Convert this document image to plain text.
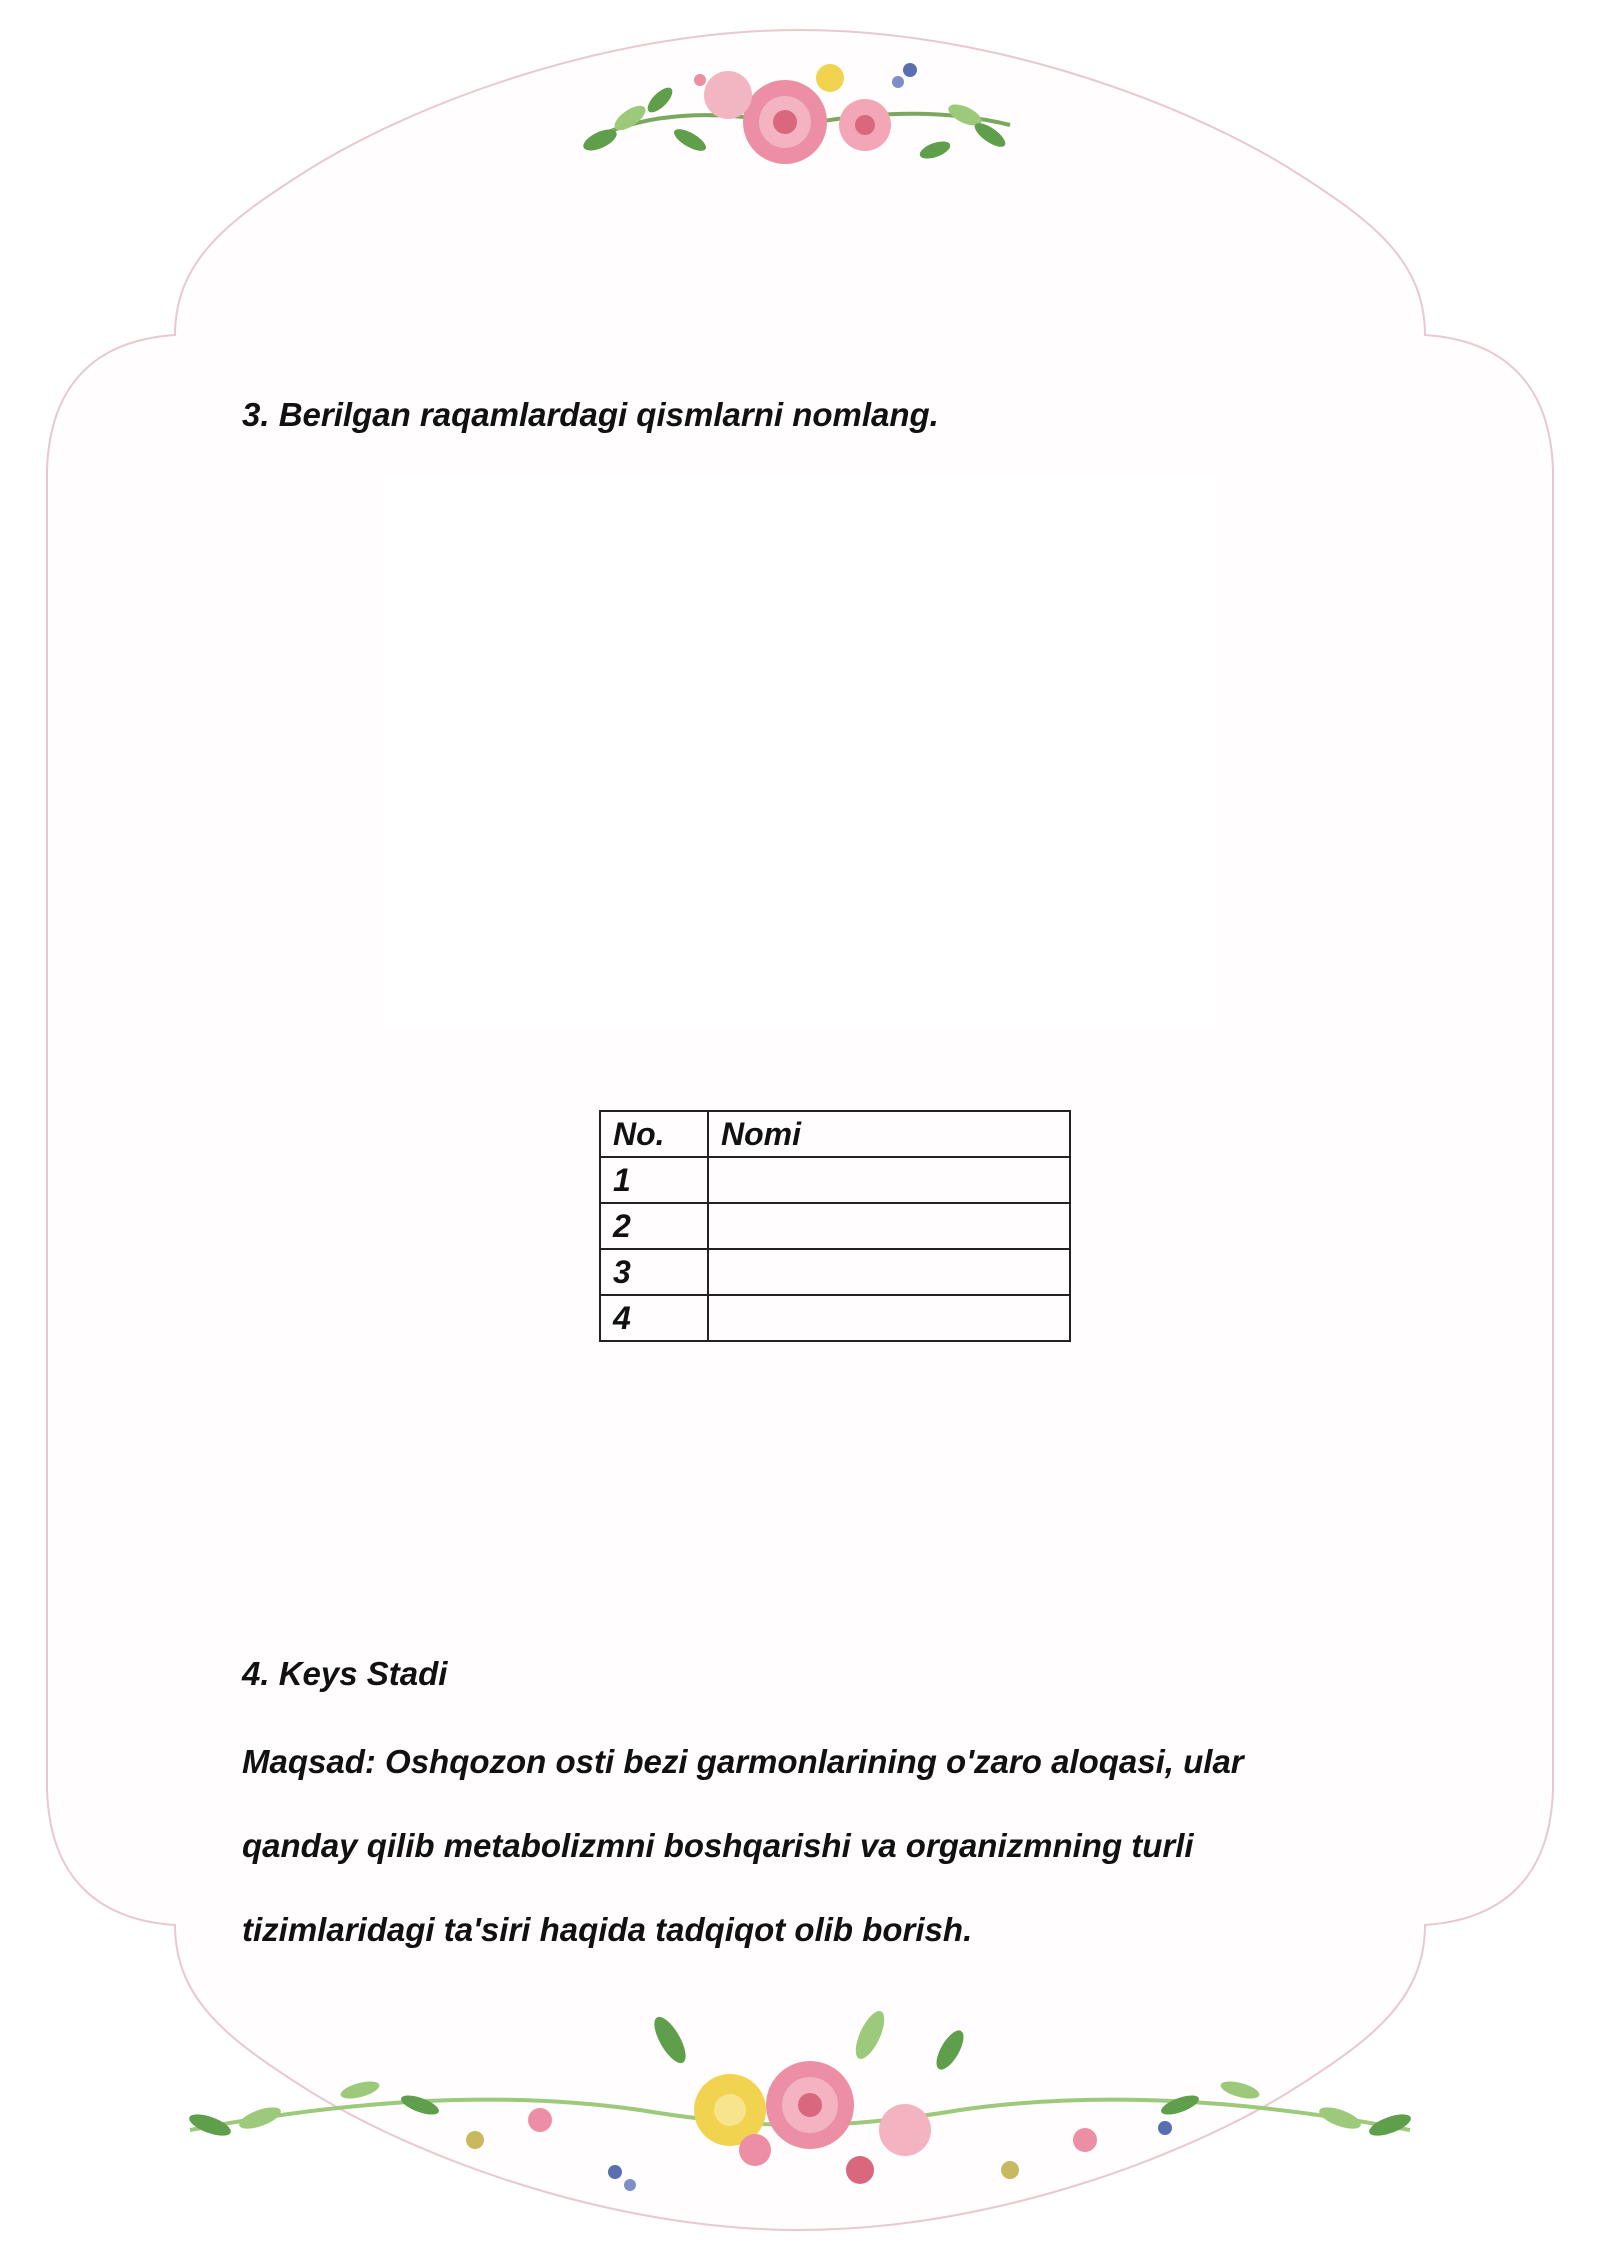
3. Berilgan raqamlardagi qismlarni nomlang.

No.	Nomi
1	
2	
3	
4	

4. Keys Stadi

Maqsad: Oshqozon osti bezi garmonlarining o'zaro aloqasi, ular
qanday qilib metabolizmni boshqarishi va organizmning turli
tizimlaridagi ta'siri haqida tadqiqot olib borish.
